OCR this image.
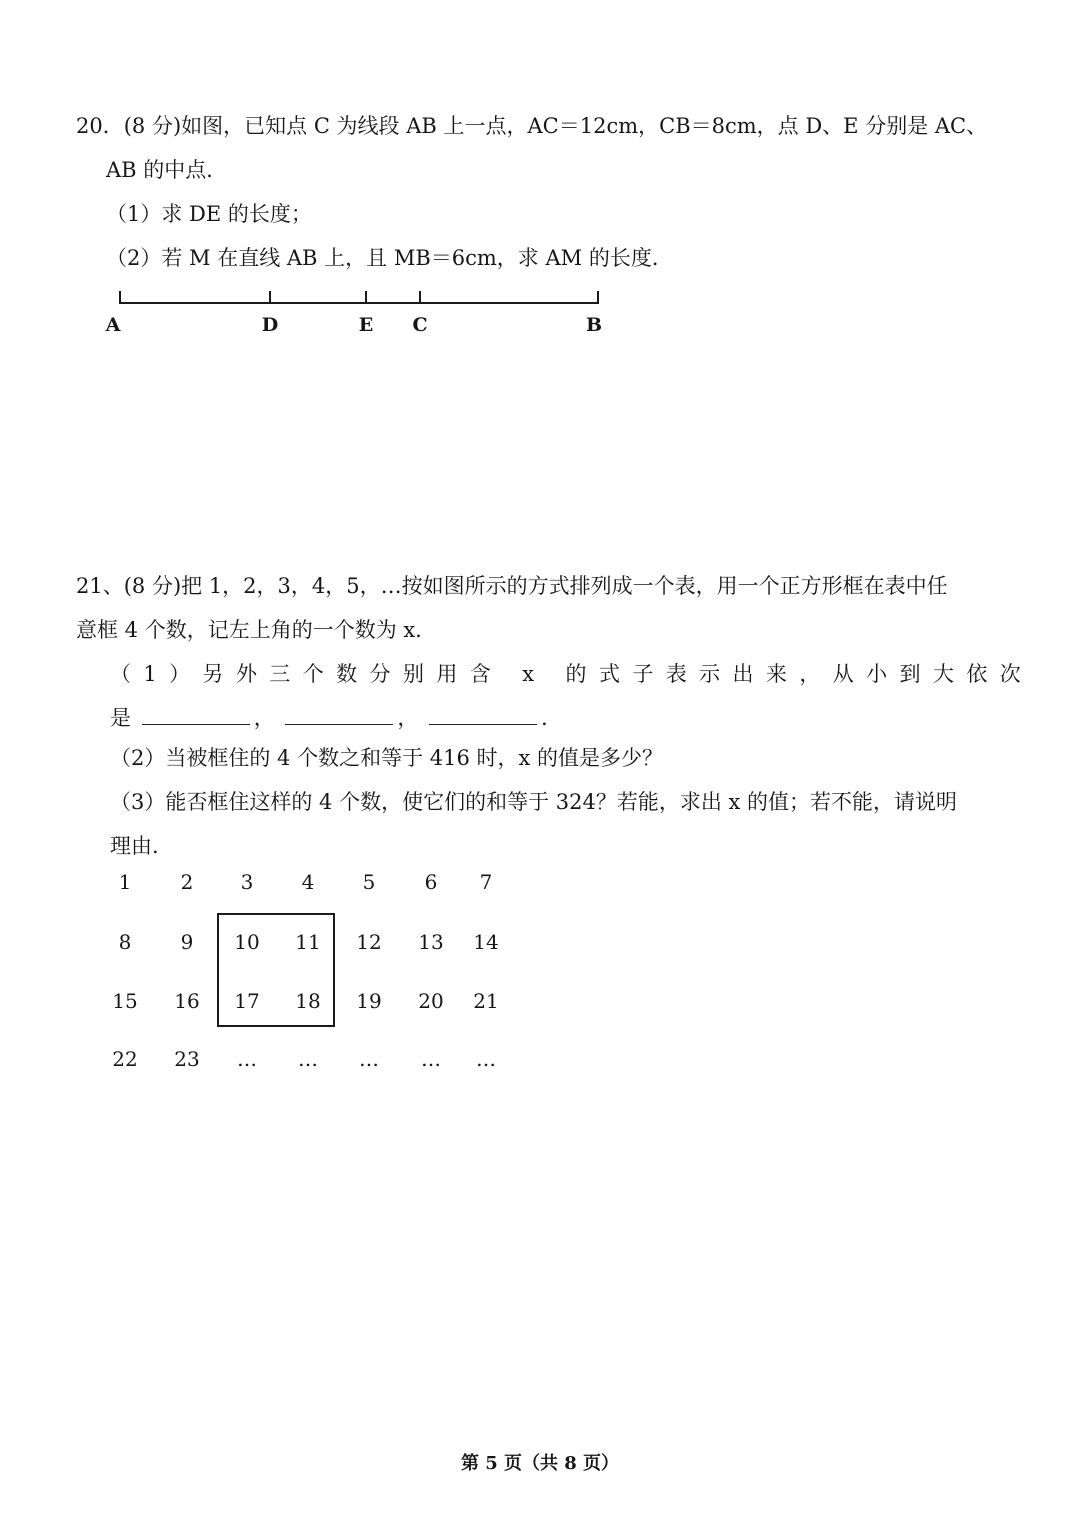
20．(8 分)如图，已知点 C 为线段 AB 上一点，AC＝12cm，CB＝8cm，点 D、E 分别是 AC、
AB 的中点．
（1）求 DE 的长度；
（2）若 M 在直线 AB 上，且 MB＝6cm，求 AM 的长度．
A	D	E C	B
21、(8 分)把 1，2，3，4，5，…按如图所示的方式排列成一个表，用一个正方形框在表中任
意框 4 个数，记左上角的一个数为 x．
（1）另外三个数分别用含 x 的式子表示出来，从小到大依次
是	，	，	．
（2）当被框住的 4 个数之和等于 416 时，x 的值是多少？
（3）能否框住这样的 4 个数，使它们的和等于 324？若能，求出 x 的值；若不能，请说明
理由．
1 2 3 4 5 6 7
8 9 10 11 12 13 14
15 16 17 18 19 20 21
22 23 … … … … …
第 5 页（共 8 页）
